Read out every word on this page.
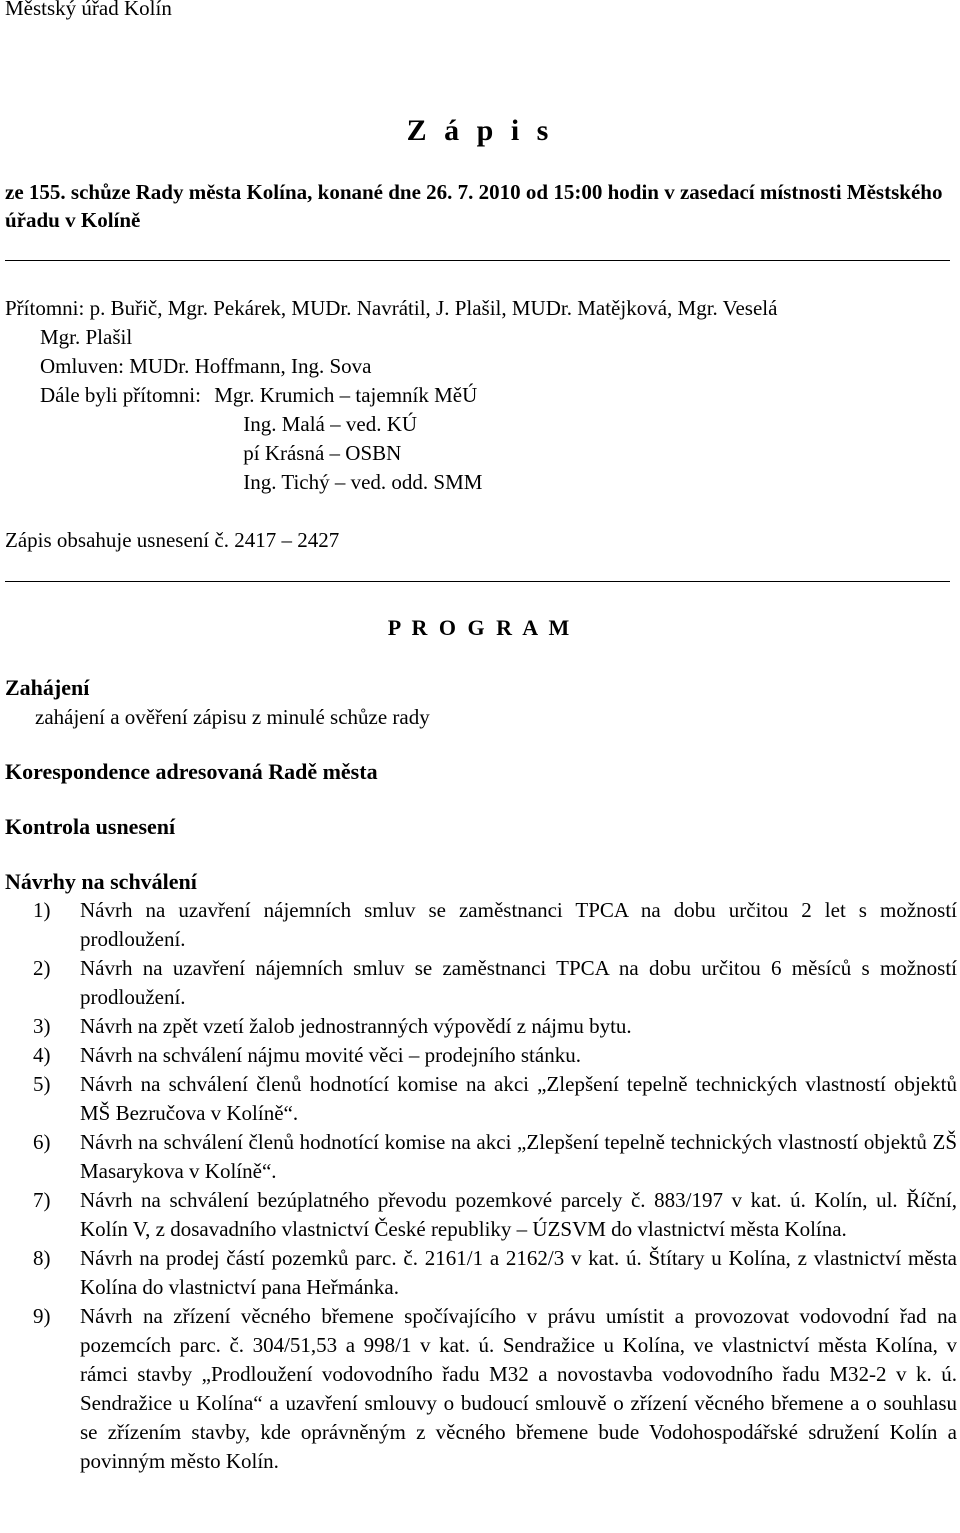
Městský úřad Kolín
Z á p i s
ze 155. schůze Rady města Kolína, konané dne 26. 7. 2010 od 15:00 hodin v zasedací místnosti Městského úřadu v Kolíně
Přítomni: p. Buřič, Mgr. Pekárek, MUDr. Navrátil, J. Plašil, MUDr. Matějková, Mgr. Veselá
Mgr. Plašil
Omluven: MUDr. Hoffmann, Ing. Sova
Dále byli přítomni: Mgr. Krumich – tajemník MěÚ
Ing. Malá – ved. KÚ
pí Krásná – OSBN
Ing. Tichý – ved. odd. SMM
Zápis obsahuje usnesení č. 2417 – 2427
P R O G R A M
Zahájení
zahájení a ověření zápisu z minulé schůze rady
Korespondence adresovaná Radě města
Kontrola usnesení
Návrhy na schválení
1)	Návrh na uzavření nájemních smluv se zaměstnanci TPCA na dobu určitou 2 let s možností prodloužení.
2)	Návrh na uzavření nájemních smluv se zaměstnanci TPCA na dobu určitou 6 měsíců s možností prodloužení.
3)	Návrh na zpět vzetí žalob jednostranných výpovědí z nájmu bytu.
4)	Návrh na schválení nájmu movité věci – prodejního stánku.
5)	Návrh na schválení členů hodnotící komise na akci „Zlepšení tepelně technických vlastností objektů MŠ Bezručova v Kolíně“.
6)	Návrh na schválení členů hodnotící komise na akci „Zlepšení tepelně technických vlastností objektů ZŠ Masarykova v Kolíně“.
7)	Návrh na schválení bezúplatného převodu pozemkové parcely č. 883/197 v kat. ú. Kolín, ul. Říční, Kolín V, z dosavadního vlastnictví České republiky – ÚZSVM do vlastnictví města Kolína.
8)	Návrh na prodej částí pozemků parc. č. 2161/1 a 2162/3 v kat. ú. Štítary u Kolína, z vlastnictví města Kolína do vlastnictví pana Heřmánka.
9)	Návrh na zřízení věcného břemene spočívajícího v právu umístit a provozovat vodovodní řad na pozemcích parc. č. 304/51,53 a 998/1 v kat. ú. Sendražice u Kolína, ve vlastnictví města Kolína, v rámci stavby „Prodloužení vodovodního řadu M32 a novostavba vodovodního řadu M32-2 v k. ú. Sendražice u Kolína“ a uzavření smlouvy o budoucí smlouvě o zřízení věcného břemene a o souhlasu se zřízením stavby, kde oprávněným z věcného břemene bude Vodohospodářské sdružení Kolín a povinným město Kolín.
